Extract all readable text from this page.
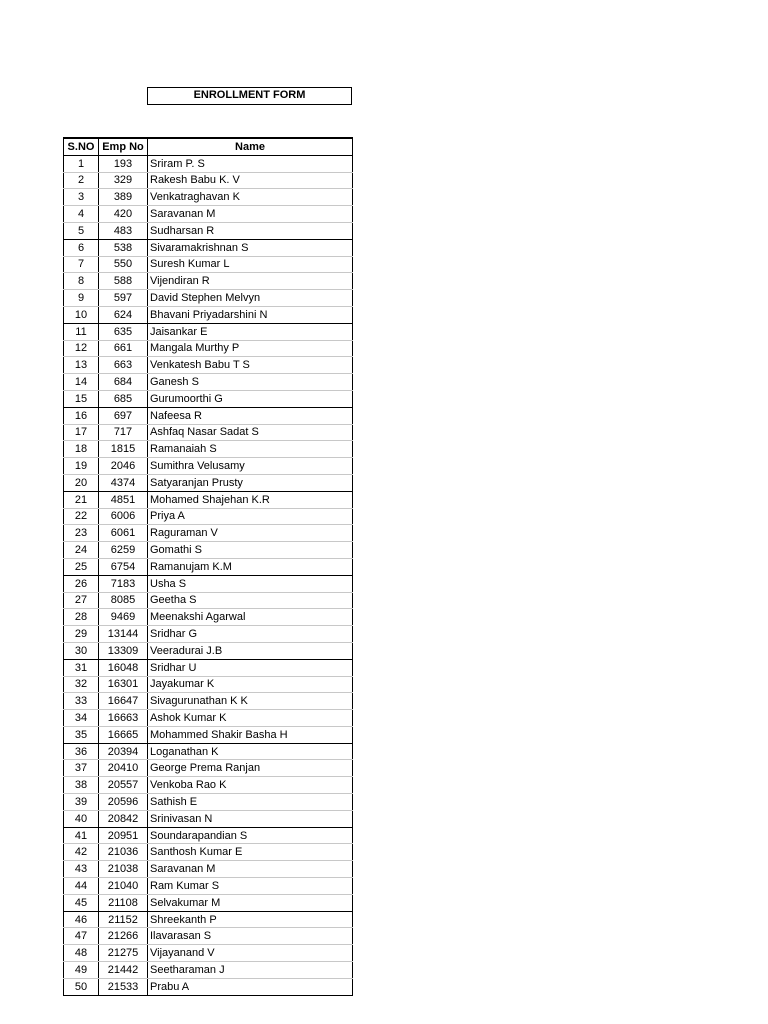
ENROLLMENT FORM
S.NO	Emp No	Name
1	193	Sriram P. S
2	329	Rakesh Babu K. V
3	389	Venkatraghavan K
4	420	Saravanan M
5	483	Sudharsan R
6	538	Sivaramakrishnan S
7	550	Suresh Kumar L
8	588	Vijendiran R
9	597	David Stephen Melvyn
10	624	Bhavani Priyadarshini N
11	635	Jaisankar E
12	661	Mangala Murthy P
13	663	Venkatesh Babu T S
14	684	Ganesh S
15	685	Gurumoorthi G
16	697	Nafeesa R
17	717	Ashfaq Nasar Sadat S
18	1815	Ramanaiah S
19	2046	Sumithra Velusamy
20	4374	Satyaranjan Prusty
21	4851	Mohamed Shajehan K.R
22	6006	Priya A
23	6061	Raguraman V
24	6259	Gomathi S
25	6754	Ramanujam K.M
26	7183	Usha S
27	8085	Geetha S
28	9469	Meenakshi Agarwal
29	13144	Sridhar G
30	13309	Veeradurai J.B
31	16048	Sridhar U
32	16301	Jayakumar K
33	16647	Sivagurunathan K K
34	16663	Ashok Kumar K
35	16665	Mohammed Shakir Basha H
36	20394	Loganathan K
37	20410	George Prema Ranjan
38	20557	Venkoba Rao K
39	20596	Sathish E
40	20842	Srinivasan N
41	20951	Soundarapandian S
42	21036	Santhosh Kumar E
43	21038	Saravanan M
44	21040	Ram Kumar S
45	21108	Selvakumar M
46	21152	Shreekanth P
47	21266	Ilavarasan S
48	21275	Vijayanand V
49	21442	Seetharaman J
50	21533	Prabu A
